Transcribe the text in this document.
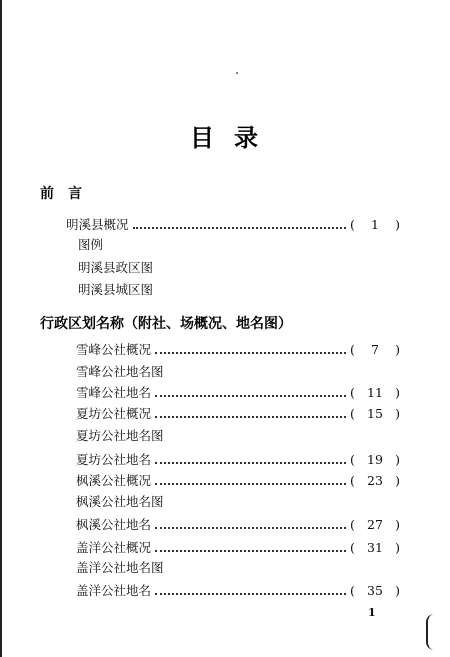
目 录
前言
明溪县概况	(	1	)
图例
明溪县政区图
明溪县城区图
行政区划名称（附社、场概况、地名图）
雪峰公社概况	(	7	)
雪峰公社地名图
雪峰公社地名	( 11 )
夏坊公社概况	( 15 )
夏坊公社地名图
夏坊公社地名	( 19 )
枫溪公社概况	( 23 )
枫溪公社地名图
枫溪公社地名	( 27 )
盖洋公社概况	( 31 )
盖洋公社地名图
盖洋公社地名	( 35 )
1
